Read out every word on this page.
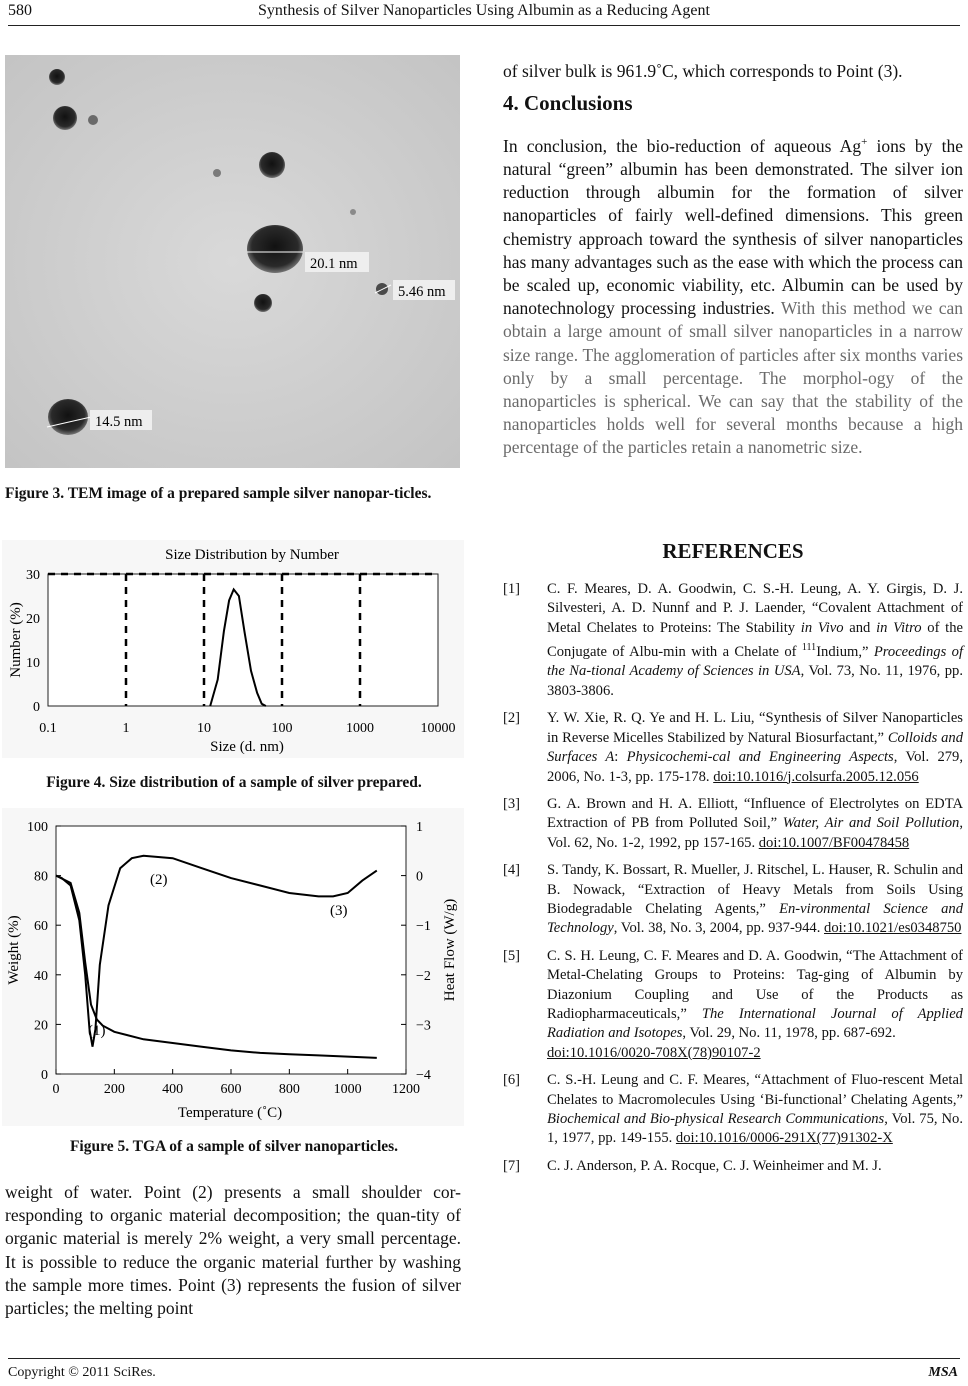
580	Synthesis of Silver Nanoparticles Using Albumin as a Reducing Agent
20.1 nm
5.46 nm
14.5 nm
Figure 3. TEM image of a prepared sample silver nanopar-ticles.
Size Distribution by Number
0.1	1	10	100	1000	10000
0
10
20
30
Size (d. nm)
Number (%)
Figure 4. Size distribution of a sample of silver prepared.
0	200	400	600	800 1000 1200
0
20
40
60
80
100	1
0
−1
−2
−3
−4
(1)
(2)
(3)
Temperature (˚C)
Weight (%)	Heat Flow (W/g)
Figure 5. TGA of a sample of silver nanoparticles.
weight of water. Point (2) presents a small shoulder cor-responding to organic material decomposition; the quan-tity of organic material is merely 2% weight, a very small percentage. It is possible to reduce the organic material further by washing the sample more times. Point (3) represents the fusion of silver particles; the melting point
of silver bulk is 961.9˚C, which corresponds to Point (3).
4. Conclusions
In conclusion, the bio-reduction of aqueous Ag+ ions by the natural “green” albumin has been demonstrated. The silver ion reduction through albumin for the formation of silver nanoparticles of fairly well-defined dimensions. This green chemistry approach toward the synthesis of silver nanoparticles has many advantages such as the ease with which the process can be scaled up, economic viability, etc. Albumin can be used by nanotechnology processing industries. With this method we can obtain a large amount of small silver nanoparticles in a narrow size range. The agglomeration of particles after six months varies only by a small percentage. The morphol-ogy of the nanoparticles is spherical. We can say that the stability of the nanoparticles holds well for several months because a high percentage of the particles retain a nanometric size.
REFERENCES
[1]	C. F. Meares, D. A. Goodwin, C. S.-H. Leung, A. Y. Girgis, D. J. Silvesteri, A. D. Nunnf and P. J. Laender, “Covalent Attachment of Metal Chelates to Proteins: The Stability in Vivo and in Vitro of the Conjugate of Albu-min with a Chelate of $^{111}$Indium,” Proceedings of the Na-tional Academy of Sciences in USA, Vol. 73, No. 11, 1976, pp. 3803-3806.
[2]	Y. W. Xie, R. Q. Ye and H. L. Liu, “Synthesis of Silver Nanoparticles in Reverse Micelles Stabilized by Natural Biosurfactant,” Colloids and Surfaces A: Physicochemi-cal and Engineering Aspects, Vol. 279, 2006, No. 1-3, pp. 175-178. doi:10.1016/j.colsurfa.2005.12.056
[3]	G. A. Brown and H. A. Elliott, “Influence of Electrolytes on EDTA Extraction of PB from Polluted Soil,” Water, Air and Soil Pollution, Vol. 62, No. 1-2, 1992, pp 157-165. doi:10.1007/BF00478458
[4]	S. Tandy, K. Bossart, R. Mueller, J. Ritschel, L. Hauser, R. Schulin and B. Nowack, “Extraction of Heavy Metals from Soils Using Biodegradable Chelating Agents,” En-vironmental Science and Technology, Vol. 38, No. 3, 2004, pp. 937-944. doi:10.1021/es0348750
[5]	C. S. H. Leung, C. F. Meares and D. A. Goodwin, “The Attachment of Metal-Chelating Groups to Proteins: Tag-ging of Albumin by Diazonium Coupling and Use of the Products as Radiopharmaceuticals,” The International Journal of Applied Radiation and Isotopes, Vol. 29, No. 11, 1978, pp. 687-692.
doi:10.1016/0020-708X(78)90107-2
[6]	C. S.-H. Leung and C. F. Meares, “Attachment of Fluo-rescent Metal Chelates to Macromolecules Using ‘Bi-functional’ Chelating Agents,” Biochemical and Bio-physical Research Communications, Vol. 75, No. 1, 1977, pp. 149-155. doi:10.1016/0006-291X(77)91302-X
[7]	C. J. Anderson, P. A. Rocque, C. J. Weinheimer and M. J.
Copyright © 2011 SciRes.	MSA
